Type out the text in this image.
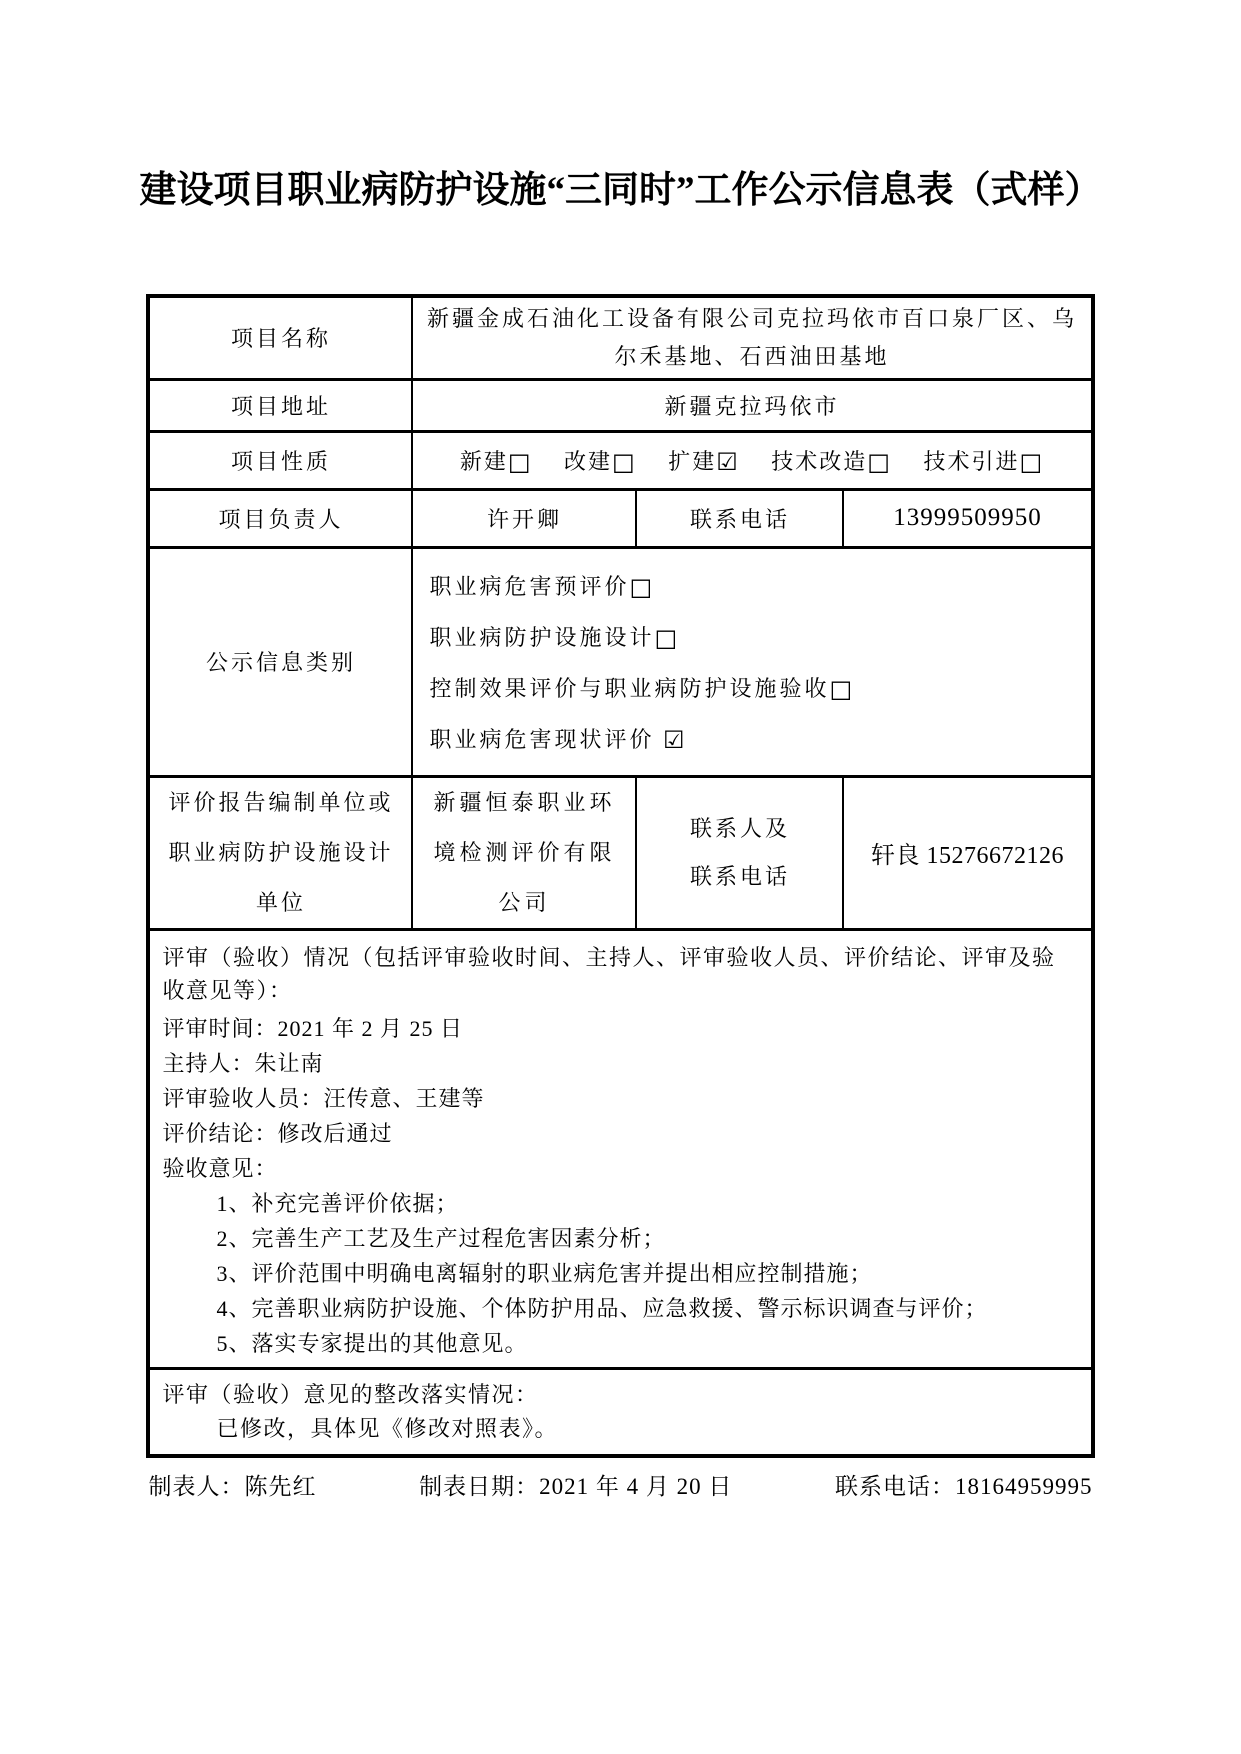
建设项目职业病防护设施“三同时”工作公示信息表（式样）
项目名称	新疆金成石油化工设备有限公司克拉玛依市百口泉厂区、乌尔禾基地、石西油田基地		
项目地址	新疆克拉玛依市		
项目性质	新建□ 改建□ 扩建☑ 技术改造□ 技术引进□		
项目负责人	许开卿	联系电话	13999509950
公示信息类别	职业病危害预评价□
职业病防护设施设计□
控制效果评价与职业病防护设施验收□
职业病危害现状评价 ☑		

评价报告编制单位或职业病防护设施设计单位	新疆恒泰职业环境检测评价有限公司	联系人及联系电话	轩良 15276672126

评审（验收）情况（包括评审验收时间、主持人、评审验收人员、评价结论、评审及验收意见等）：

评审时间：2021 年 2 月 25 日

主持人：朱让南

评审验收人员：汪传意、王建等

评价结论：修改后通过

验收意见：

1、补充完善评价依据；

2、完善生产工艺及生产过程危害因素分析；

3、评价范围中明确电离辐射的职业病危害并提出相应控制措施；

4、完善职业病防护设施、个体防护用品、应急救援、警示标识调查与评价；

5、落实专家提出的其他意见。

评审（验收）意见的整改落实情况：

已修改，具体见《修改对照表》。			

制表人：陈先红	制表日期：2021 年 4 月 20 日	联系电话：18164959995
